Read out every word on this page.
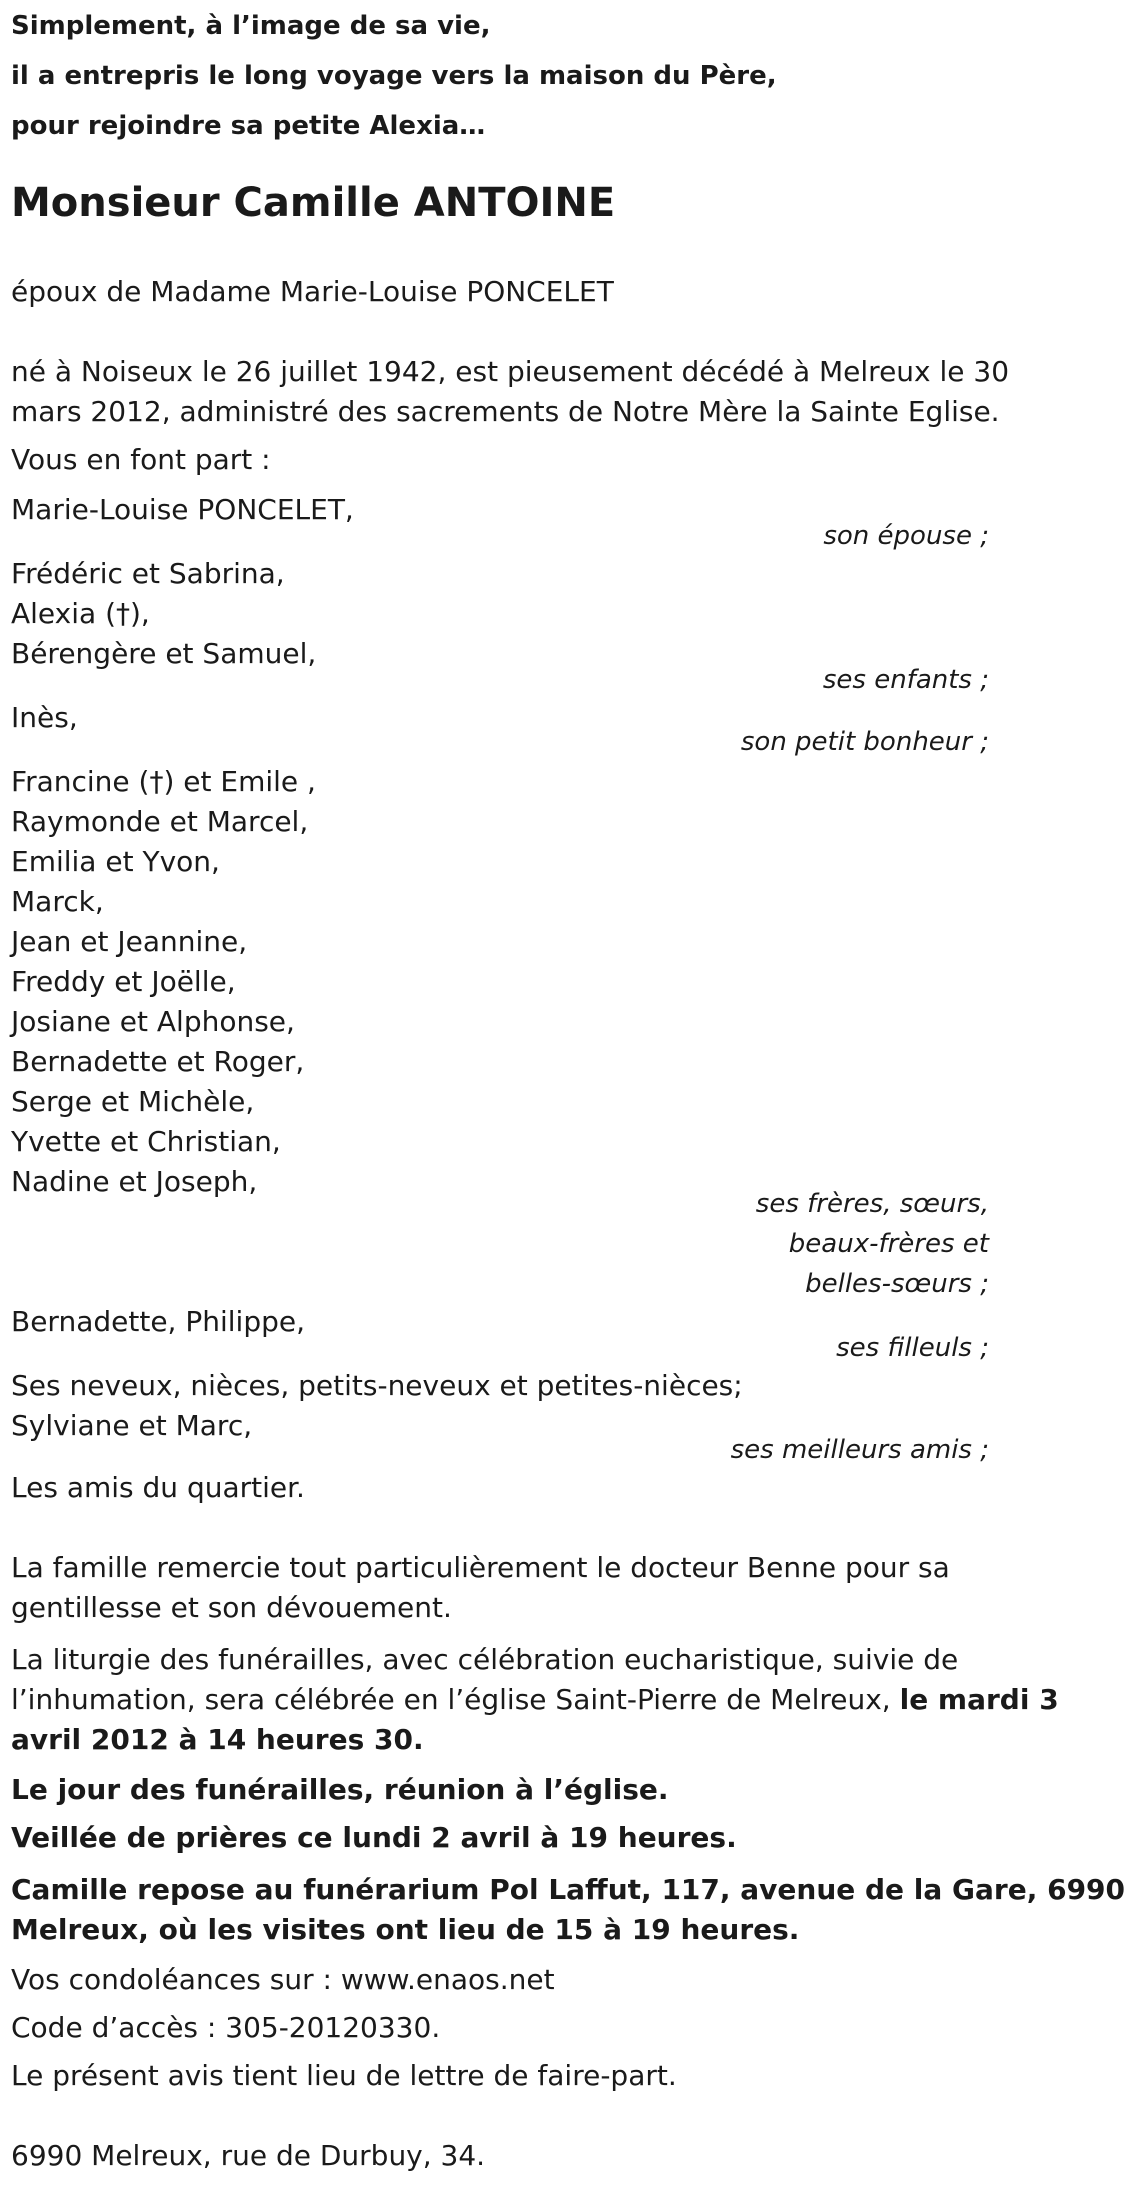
Simplement, à l’image de sa vie,

il a entrepris le long voyage vers la maison du Père,

pour rejoindre sa petite Alexia…

Monsieur Camille ANTOINE

époux de Madame Marie-Louise PONCELET

né à Noiseux le 26 juillet 1942, est pieusement décédé à Melreux le 30

mars 2012, administré des sacrements de Notre Mère la Sainte Eglise.

Vous en font part :

Marie-Louise PONCELET,

son épouse ;

Frédéric et Sabrina,

Alexia (†),

Bérengère et Samuel,

ses enfants ;

Inès,

son petit bonheur ;

Francine (†) et Emile ,

Raymonde et Marcel,

Emilia et Yvon,

Marck,

Jean et Jeannine,

Freddy et Joëlle,

Josiane et Alphonse,

Bernadette et Roger,

Serge et Michèle,

Yvette et Christian,

Nadine et Joseph,

ses frères, sœurs,

beaux-frères et

belles-sœurs ;

Bernadette, Philippe,

ses filleuls ;

Ses neveux, nièces, petits-neveux et petites-nièces;

Sylviane et Marc,

ses meilleurs amis ;

Les amis du quartier.

La famille remercie tout particulièrement le docteur Benne pour sa

gentillesse et son dévouement.

La liturgie des funérailles, avec célébration eucharistique, suivie de

l’inhumation, sera célébrée en l’église Saint-Pierre de Melreux, le mardi 3

avril 2012 à 14 heures 30.

Le jour des funérailles, réunion à l’église.

Veillée de prières ce lundi 2 avril à 19 heures.

Camille repose au funérarium Pol Laffut, 117, avenue de la Gare, 6990

Melreux, où les visites ont lieu de 15 à 19 heures.

Vos condoléances sur : www.enaos.net

Code d’accès : 305-20120330.

Le présent avis tient lieu de lettre de faire-part.

6990 Melreux, rue de Durbuy, 34.
